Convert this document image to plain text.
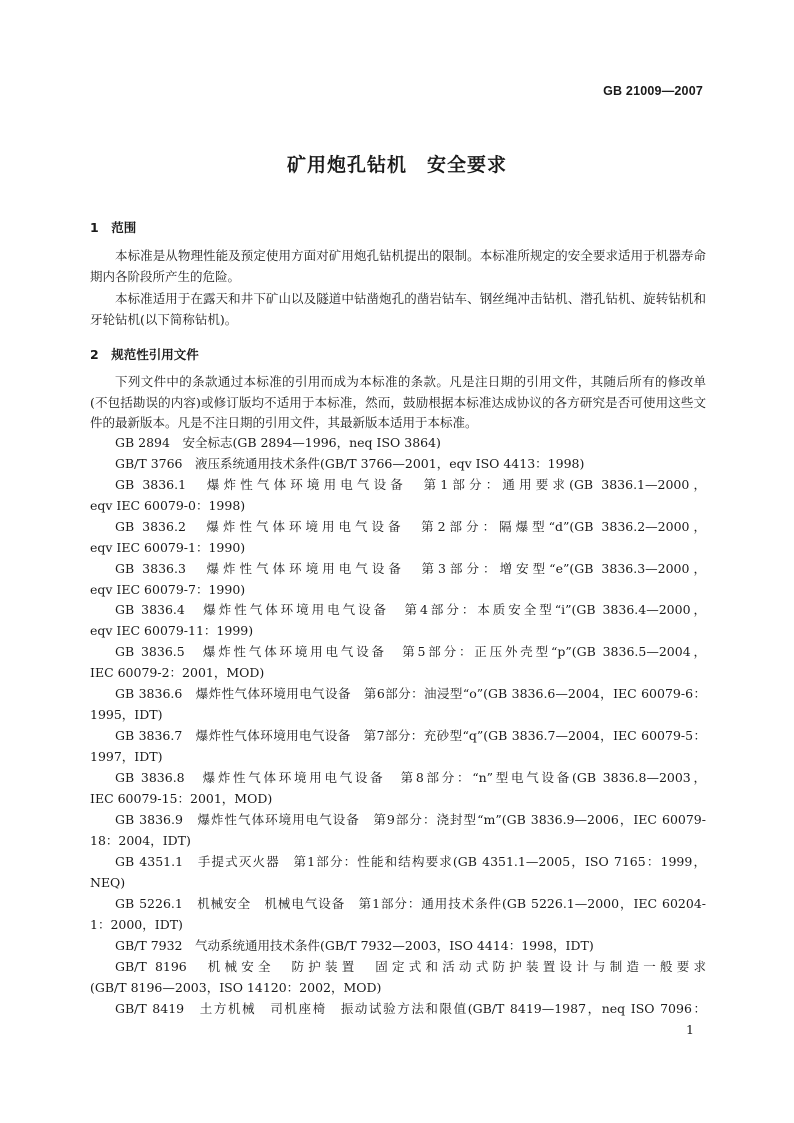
GB 21009—2007
矿用炮孔钻机　安全要求
1　范围

本标准是从物理性能及预定使用方面对矿用炮孔钻机提出的限制。本标准所规定的安全要求适用于机器寿命期内各阶段所产生的危险。

本标准适用于在露天和井下矿山以及隧道中钻凿炮孔的凿岩钻车、钢丝绳冲击钻机、潜孔钻机、旋转钻机和牙轮钻机(以下简称钻机)。

2　规范性引用文件

下列文件中的条款通过本标准的引用而成为本标准的条款。凡是注日期的引用文件，其随后所有的修改单(不包括勘误的内容)或修订版均不适用于本标准，然而，鼓励根据本标准达成协议的各方研究是否可使用这些文件的最新版本。凡是不注日期的引用文件，其最新版本适用于本标准。

GB 2894　安全标志(GB 2894—1996，neq ISO 3864)
GB/T 3766　液压系统通用技术条件(GB/T 3766—2001，eqv ISO 4413：1998)
GB 3836.1　爆炸性气体环境用电气设备　第1部分：通用要求(GB 3836.1—2000，
eqv IEC 60079-0：1998)
GB 3836.2　爆炸性气体环境用电气设备　第2部分：隔爆型“d”(GB 3836.2—2000，
eqv IEC 60079-1：1990)
GB 3836.3　爆炸性气体环境用电气设备　第3部分：增安型“e”(GB 3836.3—2000，
eqv IEC 60079-7：1990)
GB 3836.4　爆炸性气体环境用电气设备　第4部分：本质安全型“i”(GB 3836.4—2000，
eqv IEC 60079-11：1999)
GB 3836.5　爆炸性气体环境用电气设备　第5部分：正压外壳型“p”(GB 3836.5—2004，
IEC 60079-2：2001，MOD)
GB 3836.6　爆炸性气体环境用电气设备　第6部分：油浸型“o”(GB 3836.6—2004，IEC 60079-6：
1995，IDT)
GB 3836.7　爆炸性气体环境用电气设备　第7部分：充砂型“q”(GB 3836.7—2004，IEC 60079-5：
1997，IDT)
GB 3836.8　爆炸性气体环境用电气设备　第8部分：“n”型电气设备(GB 3836.8—2003，
IEC 60079-15：2001，MOD)
GB 3836.9　爆炸性气体环境用电气设备　第9部分：浇封型“m”(GB 3836.9—2006，IEC 60079-
18：2004，IDT)
GB 4351.1　手提式灭火器　第1部分：性能和结构要求(GB 4351.1—2005，ISO 7165：1999，
NEQ)
GB 5226.1　机械安全　机械电气设备　第1部分：通用技术条件(GB 5226.1—2000，IEC 60204-
1：2000，IDT)
GB/T 7932　气动系统通用技术条件(GB/T 7932—2003，ISO 4414：1998，IDT)
GB/T 8196　机械安全　防护装置　固定式和活动式防护装置设计与制造一般要求
(GB/T 8196—2003，ISO 14120：2002，MOD)
GB/T 8419　土方机械　司机座椅　振动试验方法和限值(GB/T 8419—1987，neq ISO 7096：
1
